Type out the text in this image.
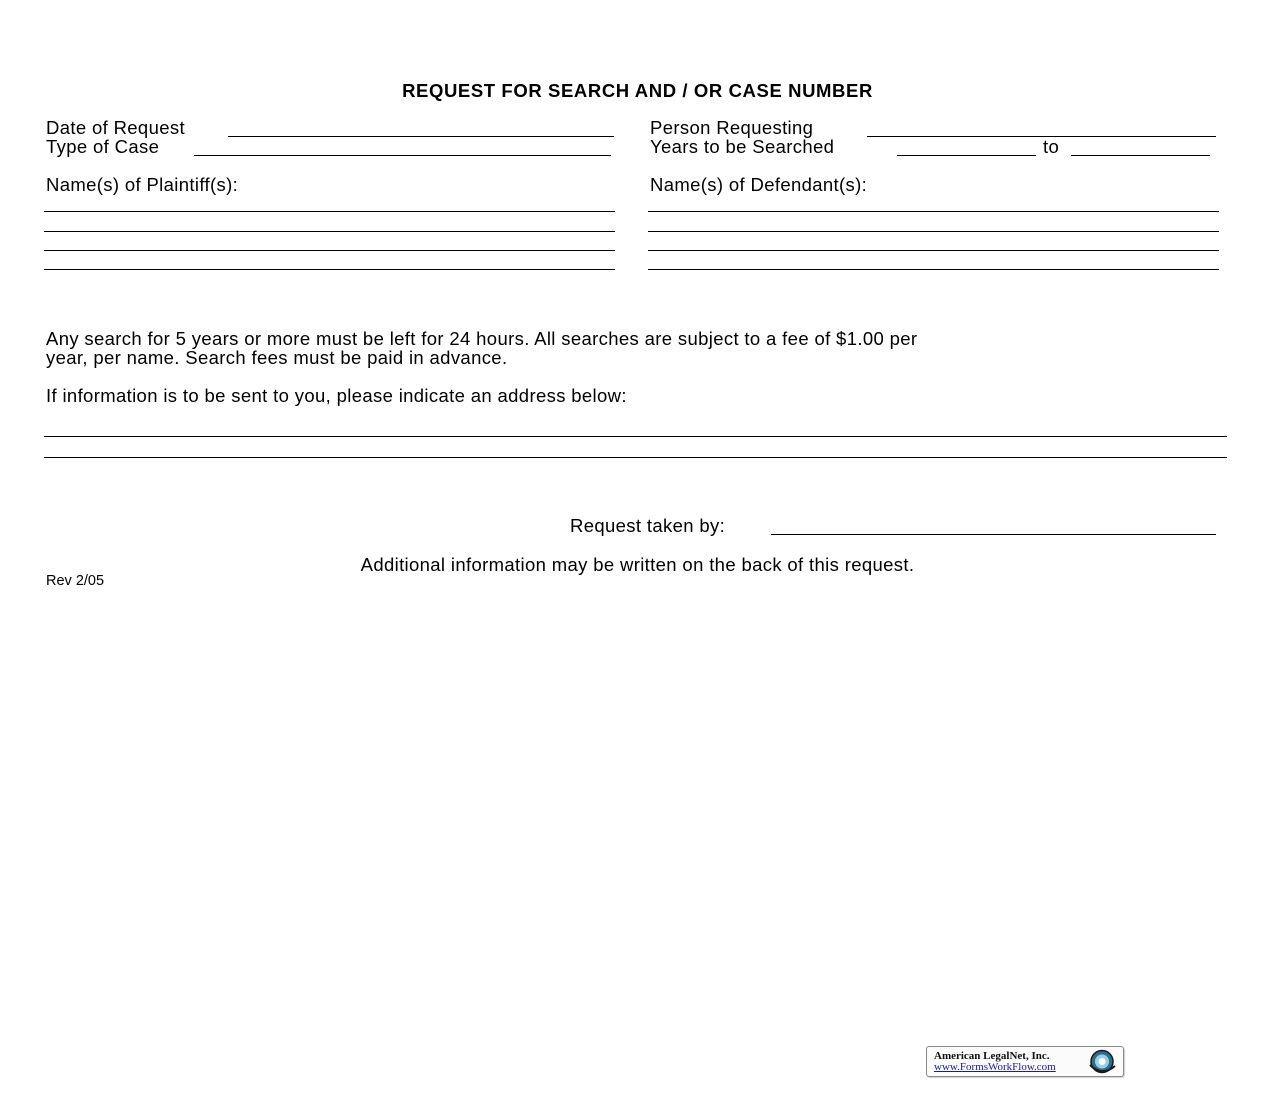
REQUEST FOR SEARCH AND / OR CASE NUMBER
Date of Request	Person Requesting
Type of Case	Years to be Searched	to
Name(s) of Plaintiff(s):	Name(s) of Defendant(s):
Any search for 5 years or more must be left for 24 hours. All searches are subject to a fee of $1.00 per
year, per name. Search fees must be paid in advance.
If information is to be sent to you, please indicate an address below:
Request taken by:
Additional information may be written on the back of this request.
Rev 2/05
American LegalNet, Inc.
www.FormsWorkFlow.com
